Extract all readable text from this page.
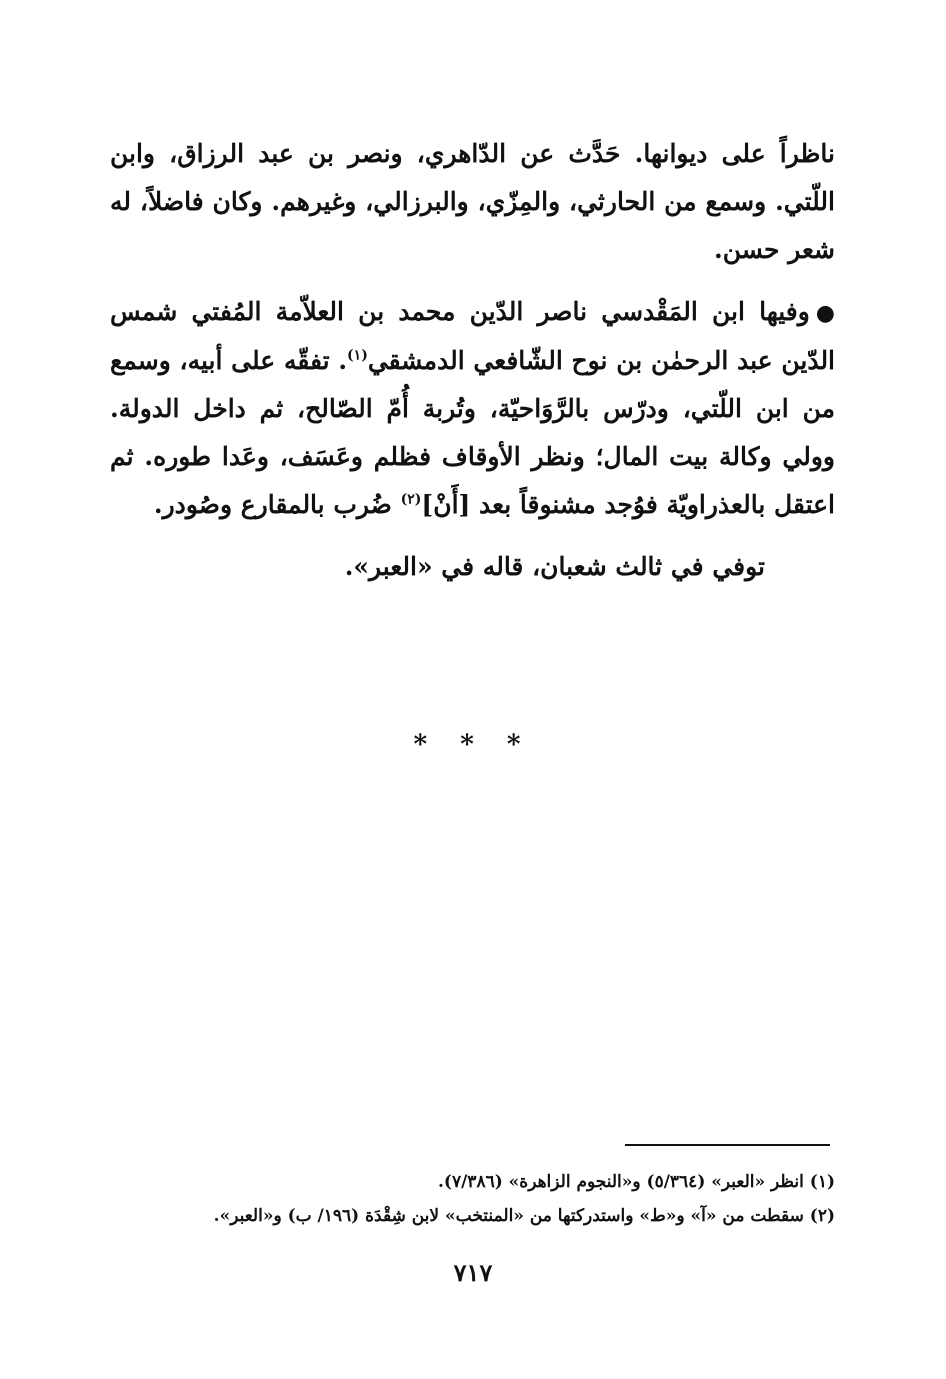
ناظراً على ديوانها. حَدَّث عن الدّاهري، ونصر بن عبد الرزاق، وابن اللّتي. وسمع من الحارثي، والمِزّي، والبرزالي، وغيرهم. وكان فاضلاً، له شعر حسن.

●وفيها ابن المَقْدسي ناصر الدّين محمد بن العلاّمة المُفتي شمس الدّين عبد الرحمٰن بن نوح الشّافعي الدمشقي$^{(١)}$. تفقّه على أبيه، وسمع من ابن اللّتي، ودرّس بالرَّوَاحيّة، وتُربة أُمّ الصّالح، ثم داخل الدولة. وولي وكالة بيت المال؛ ونظر الأوقاف فظلم وعَسَف، وعَدا طوره. ثم اعتقل بالعذراويّة فوُجد مشنوقاً بعد [أَنْ]$^{(٢)}$ ضُرب بالمقارع وصُودر.

توفي في ثالث شعبان، قاله في «العبر».

* * *

(١) انظر «العبر» (٥/٣٦٤) و«النجوم الزاهرة» (٧/٣٨٦).

(٢) سقطت من «آ» و«ط» واستدركتها من «المنتخب» لابن شِقْدَة (١٩٦/ ب) و«العبر».

٧١٧
